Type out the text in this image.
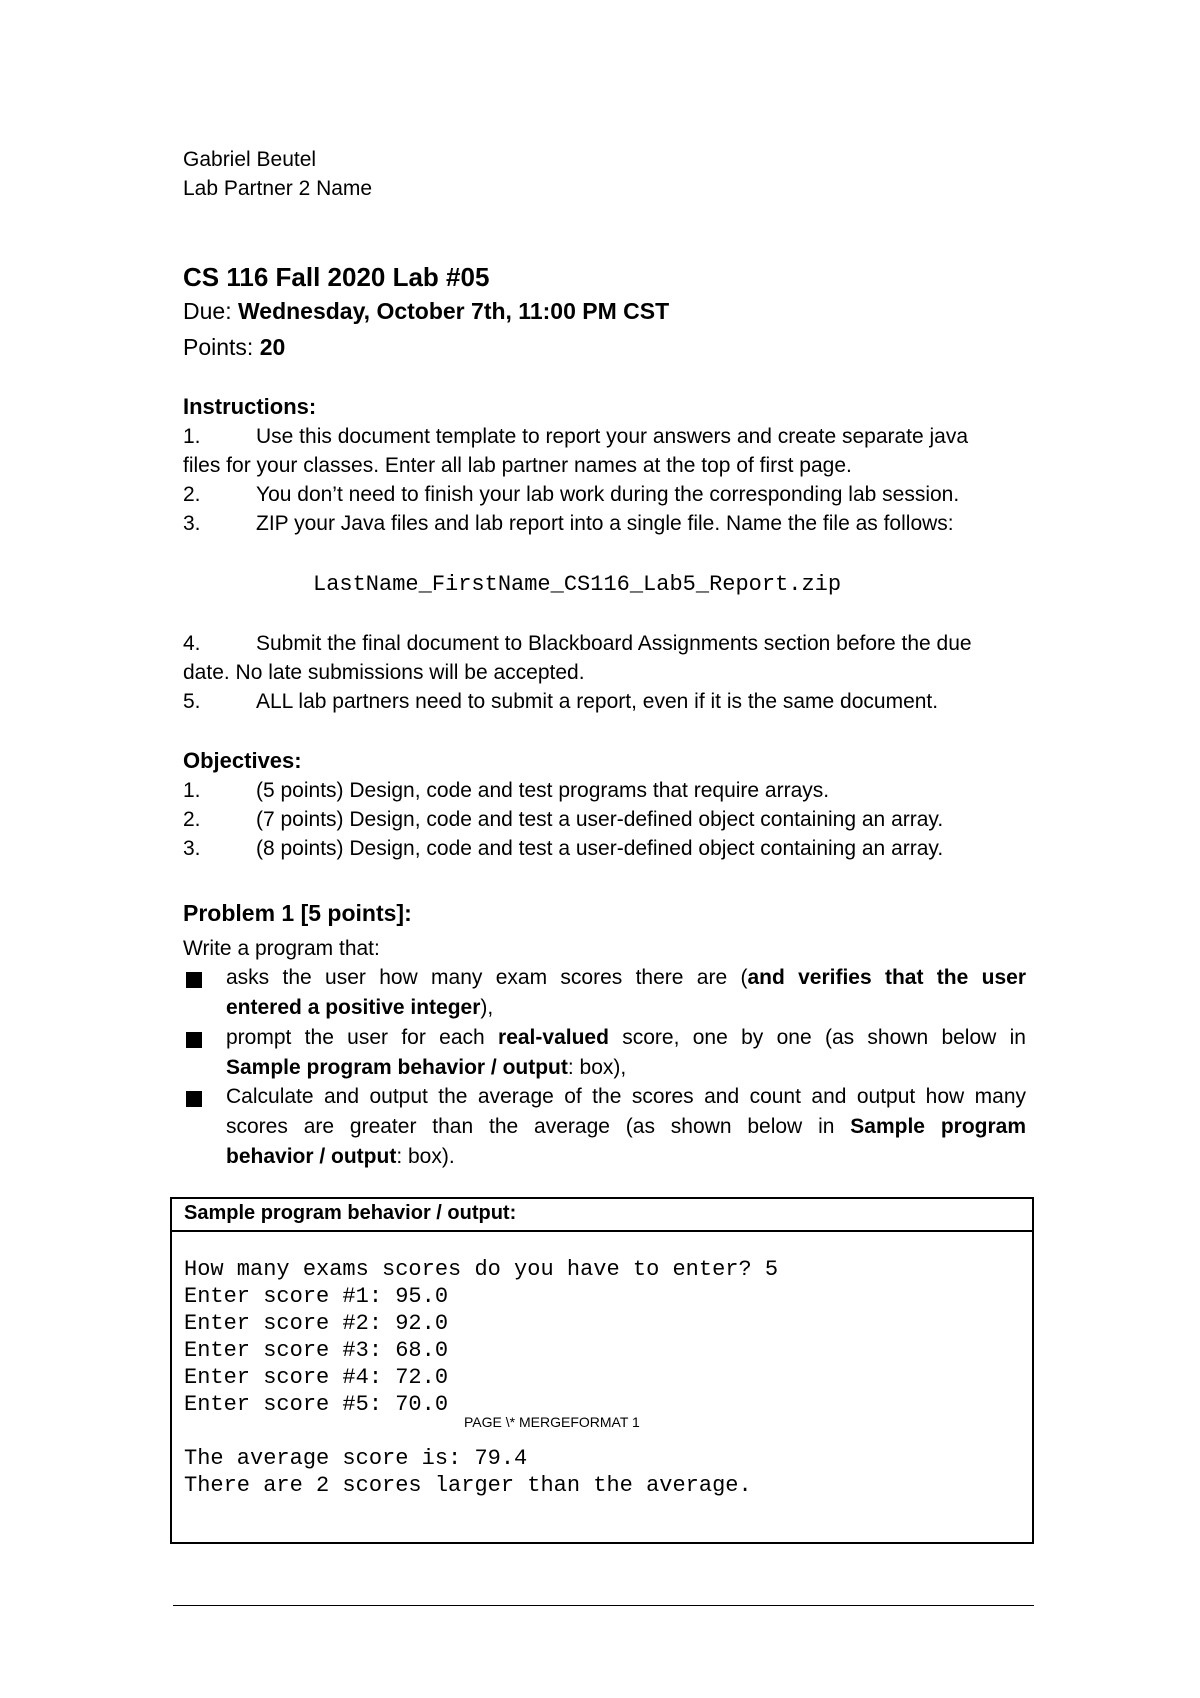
Gabriel Beutel
Lab Partner 2 Name
CS 116 Fall 2020 Lab #05
Due: Wednesday, October 7th, 11:00 PM CST
Points: 20
Instructions:
1.	Use this document template to report your answers and create separate java
files for your classes. Enter all lab partner names at the top of first page.
2.	You don’t need to finish your lab work during the corresponding lab session.
3.	ZIP your Java files and lab report into a single file. Name the file as follows:
LastName_FirstName_CS116_Lab5_Report.zip
4.	Submit the final document to Blackboard Assignments section before the due
date. No late submissions will be accepted.
5.	ALL lab partners need to submit a report, even if it is the same document.
Objectives:
1.	(5 points) Design, code and test programs that require arrays.
2.	(7 points) Design, code and test a user-defined object containing an array.
3.	(8 points) Design, code and test a user-defined object containing an array.
Problem 1 [5 points]:
Write a program that:
asks the user how many exam scores there are (and verifies that the user
entered a positive integer),
prompt the user for each real-valued score, one by one (as shown below in
Sample program behavior / output: box),
Calculate and output the average of the scores and count and output how many
scores are greater than the average (as shown below in Sample program
behavior / output: box).
Sample program behavior / output:
How many exams scores do you have to enter? 5
Enter score #1: 95.0
Enter score #2: 92.0
Enter score #3: 68.0
Enter score #4: 72.0
Enter score #5: 70.0
PAGE \* MERGEFORMAT 1
The average score is: 79.4
There are 2 scores larger than the average.
